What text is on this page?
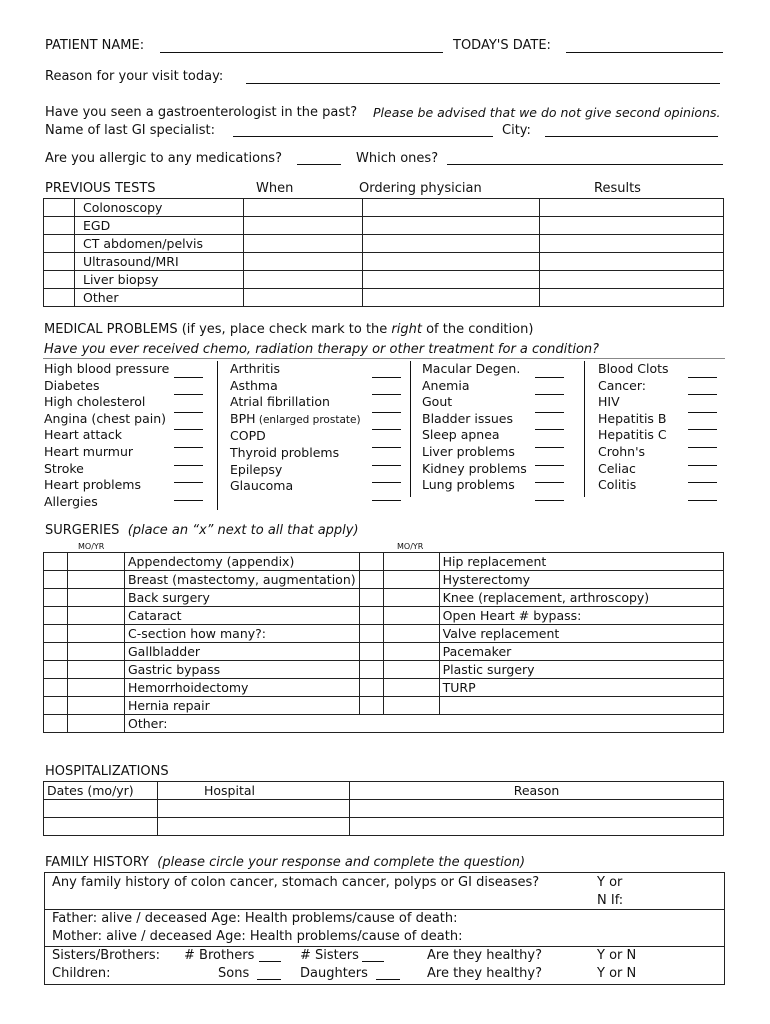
PATIENT NAME:	TODAY'S DATE:
Reason for your visit today:
Have you seen a gastroenterologist in the past? Please be advised that we do not give second opinions.
Name of last GI specialist:	City:
Are you allergic to any medications?	Which ones?
PREVIOUS TESTS	When	Ordering physician	Results
	Colonoscopy			
	EGD			
	CT abdomen/pelvis			
	Ultrasound/MRI			
	Liver biopsy			
	Other			
MEDICAL PROBLEMS (if yes, place check mark to the right of the condition)
Have you ever received chemo, radiation therapy or other treatment for a condition?
High blood pressure
Diabetes
High cholesterol
Angina (chest pain)
Heart attack
Heart murmur
Stroke
Heart problems
Allergies
Arthritis
Asthma
Atrial fibrillation
BPH (enlarged prostate)
COPD
Thyroid problems
Epilepsy
Glaucoma
Macular Degen.
Anemia
Gout
Bladder issues
Sleep apnea
Liver problems
Kidney problems
Lung problems
Blood Clots
Cancer:
HIV
Hepatitis B
Hepatitis C
Crohn's
Celiac
Colitis
SURGERIES (place an “x” next to all that apply)
MO/YR	MO/YR
		Appendectomy (appendix)			Hip replacement
		Breast (mastectomy, augmentation)			Hysterectomy
		Back surgery			Knee (replacement, arthroscopy)
		Cataract			Open Heart # bypass:
		C-section how many?:			Valve replacement
		Gallbladder			Pacemaker
		Gastric bypass			Plastic surgery
		Hemorrhoidectomy			TURP
		Hernia repair			
		Other:			
HOSPITALIZATIONS
Dates (mo/yr)	Hospital	Reason

FAMILY HISTORY (please circle your response and complete the question)
Any family history of colon cancer, stomach cancer, polyps or GI diseases?	Y or
N If:
Father: alive / deceased Age: Health problems/cause of death:
Mother: alive / deceased Age: Health problems/cause of death:
Sisters/Brothers: # Brothers	# Sisters	Are they healthy?	Y or N
Children:	Sons	Daughters	Are they healthy?	Y or N
